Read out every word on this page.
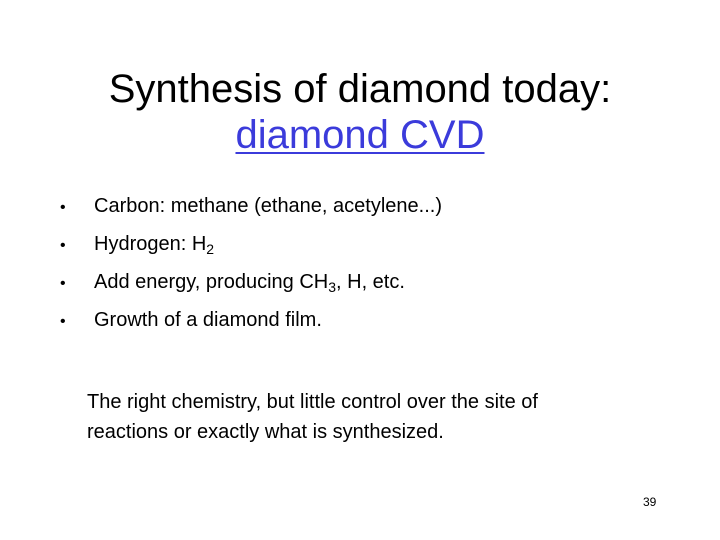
Synthesis of diamond today:
diamond CVD
• Carbon: methane (ethane, acetylene...)
• Hydrogen: $H_2$
• Add energy, producing $CH_3$, H, etc.
• Growth of a diamond film.
The right chemistry, but little control over the site of
reactions or exactly what is synthesized.
39
